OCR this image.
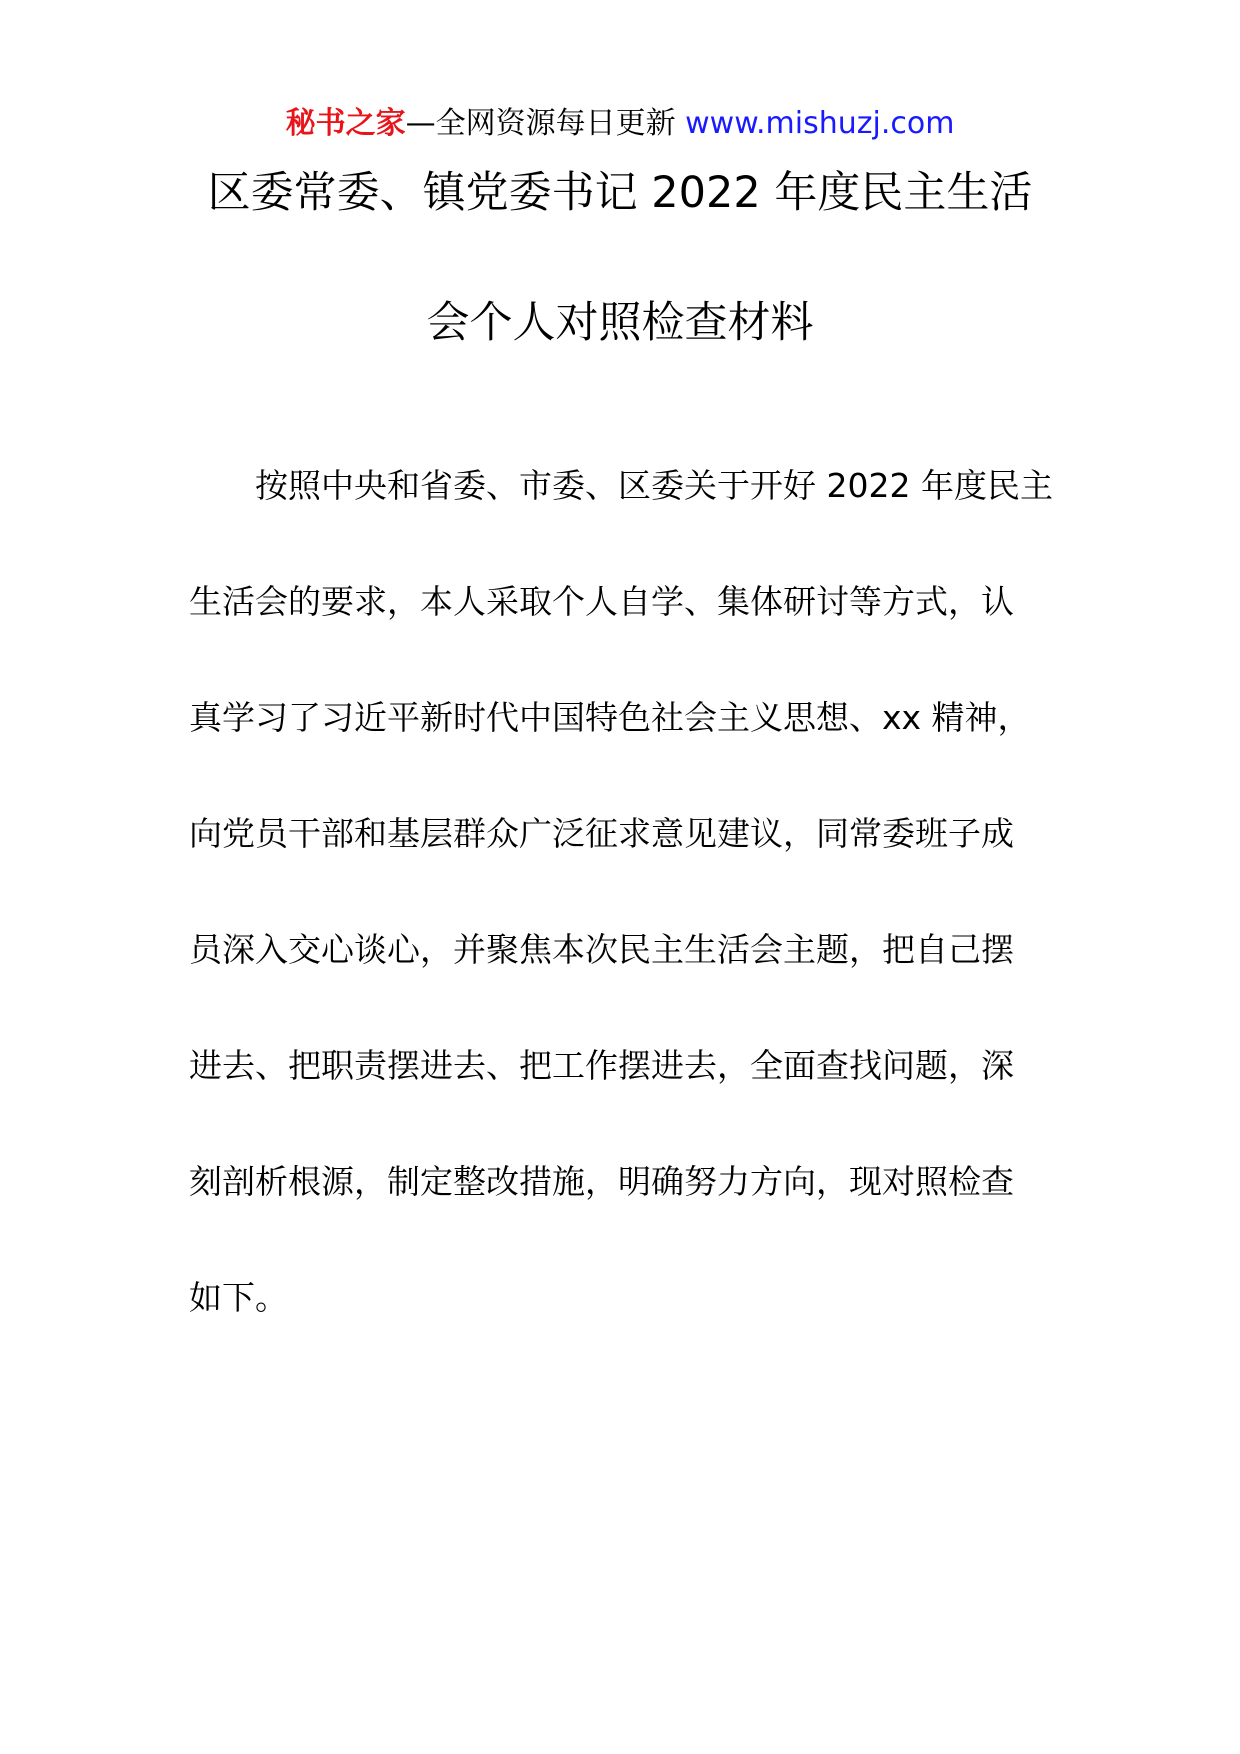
秘书之家—全网资源每日更新 www.mishuzj.com
区委常委、镇党委书记 2022 年度民主生活
会个人对照检查材料
按照中央和省委、市委、区委关于开好 2022 年度民主
生活会的要求，本人采取个人自学、集体研讨等方式，认
真学习了习近平新时代中国特色社会主义思想、xx 精神，
向党员干部和基层群众广泛征求意见建议，同常委班子成
员深入交心谈心，并聚焦本次民主生活会主题，把自己摆
进去、把职责摆进去、把工作摆进去，全面查找问题，深
刻剖析根源，制定整改措施，明确努力方向，现对照检查
如下。
